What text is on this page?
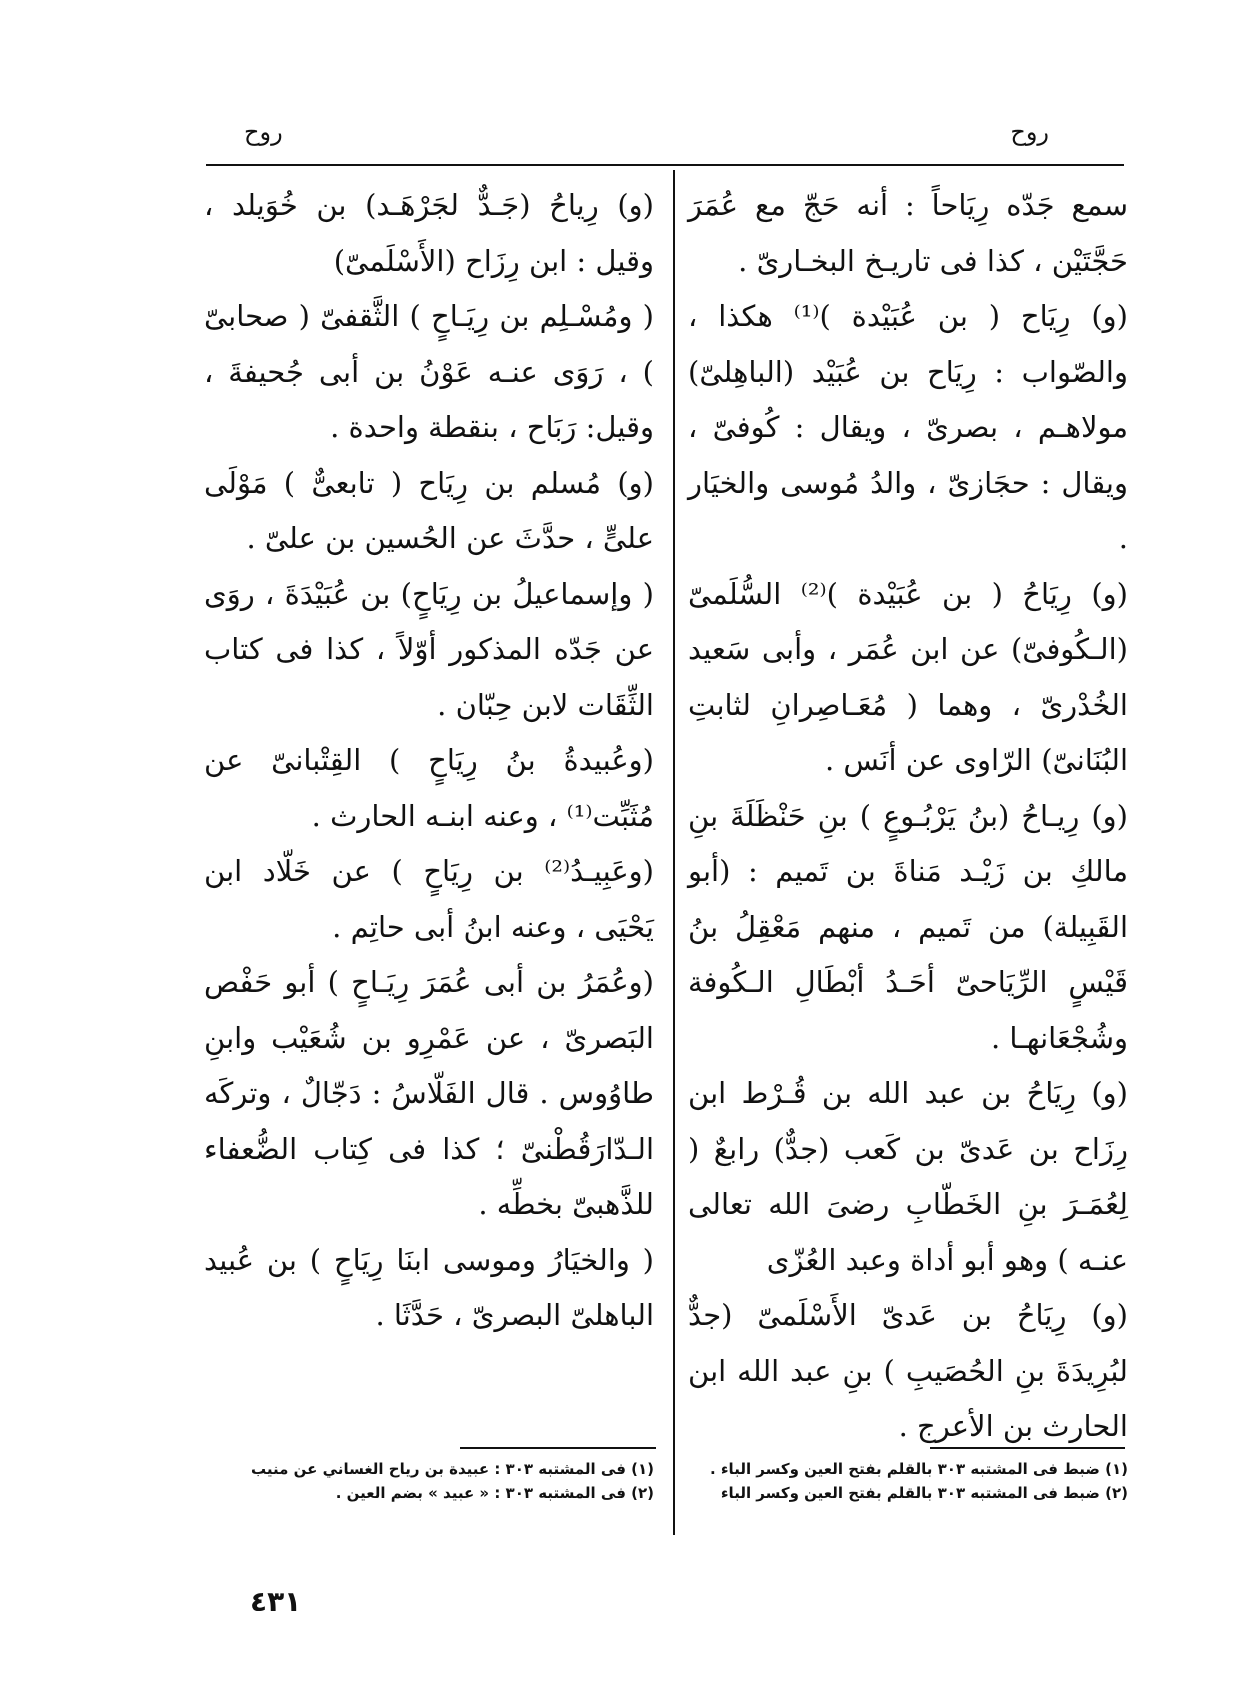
روح
روح

سمع جَدّه رِيَاحاً : أنه حَجّ مع عُمَرَ حَجَّتَيْن ، كذا فى تاريـخ البخـارىّ .

(و) رِيَاح ( بن عُبَيْدة )⁽¹⁾ هكذا ، والصّواب : رِيَاح بن عُبَيْد (الباهِلىّ) مولاهـم ، بصرىّ ، ويقال : كُوفىّ ، ويقال : حجَازىّ ، والدُ مُوسى والخيَار .

(و) رِيَاحُ ( بن عُبَيْدة )⁽²⁾ السُّلَمىّ (الـكُوفىّ) عن ابن عُمَر ، وأبى سَعيد الخُدْرىّ ، وهما ( مُعَـاصِرانِ لثابتِ البُنَانىّ) الرّاوى عن أنَس .

(و) رِيـاحُ (بنُ يَرْبُـوعٍ ) بنِ حَنْظَلَةَ بنِ مالكِ بن زَيْـد مَناةَ بن تَميم : (أبو القَبِيلة) من تَميم ، منهم مَعْقِلُ بنُ قَيْسٍ الرِّيَاحىّ أحَـدُ أبْطَالِ الـكُوفة وشُجْعَانهـا .

(و) رِيَاحُ بن عبد الله بن قُـرْط ابن رِزَاح بن عَدىّ بن كَعب (جدٌّ) رابعٌ ( لِعُمَـرَ بنِ الخَطّابِ رضىَ الله تعالى عنـه ) وهو أبو أداة وعبد العُزّى

(و) رِيَاحُ بن عَدىّ الأَسْلَمىّ (جدٌّ لبُرِيدَةَ بنِ الحُصَيبِ ) بنِ عبد الله ابن الحارث بن الأعرج .

(و) رِياحُ (جَـدٌّ لجَرْهَـد) بن خُوَيلد ، وقيل : ابن رِزَاح (الأَسْلَمىّ)

( ومُسْـلِم بن رِيَـاحٍ ) الثَّقفىّ ( صحابىّ ) ، رَوَى عنـه عَوْنُ بن أبى جُحيفةَ ، وقيل: رَبَاح ، بنقطة واحدة .

(و) مُسلم بن رِيَاح ( تابعىٌّ ) مَوْلَى علىٍّ ، حدَّثَ عن الحُسين بن علىّ .

( وإسماعيلُ بن رِيَاحٍ) بن عُبَيْدَةَ ، روَى عن جَدّه المذكور أوّلاً ، كذا فى كتاب الثِّقَات لابن حِبّان .

(وعُبيدةُ بنُ رِيَاحٍ ) القِتْبانىّ عن مُثَبِّت⁽¹⁾ ، وعنه ابنـه الحارث .

(وعَبِيـدُ⁽²⁾ بن رِيَاحٍ ) عن خَلّاد ابن يَحْيَى ، وعنه ابنُ أبى حاتِم .

(وعُمَرُ بن أبى عُمَرَ رِيَـاحٍ ) أبو حَفْص البَصرىّ ، عن عَمْرِو بن شُعَيْب وابنِ طاوُوس . قال الفَلّاسُ : دَجّالٌ ، وتركَه الـدّارَقُطْنىّ ؛ كذا فى كِتاب الضُّعفاء للذَّهبىّ بخطِّه .

( والخيَارُ وموسى ابنَا رِيَاحٍ ) بن عُبيد الباهلىّ البصرىّ ، حَدَّثَا .

(١) ضبط فى المشتبه ٣٠٣ بالقلم بفتح العين وكسر الباء .

(٢) ضبط فى المشتبه ٣٠٣ بالقلم بفتح العين وكسر الباء

(١) فى المشتبه ٣٠٣ : عبيدة بن رياح الغساني عن منيب

(٢) فى المشتبه ٣٠٣ : « عبيد » بضم العين .

٤٣١
